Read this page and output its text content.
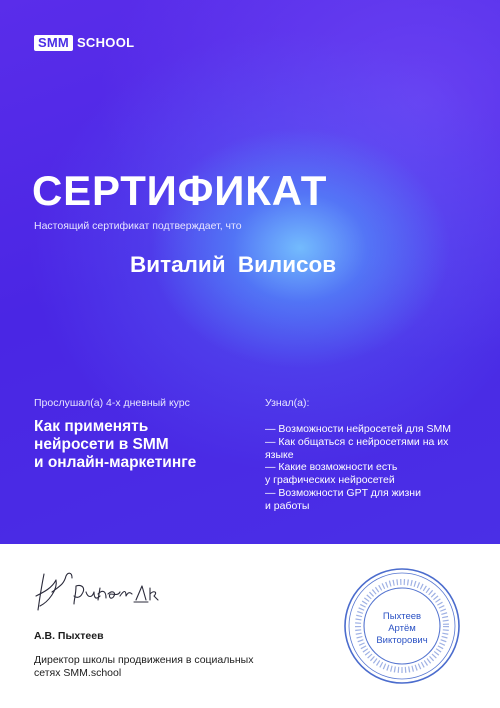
SMM SCHOOL
СЕРТИФИКАТ
Настоящий сертификат подтверждает, что
Виталий Вилисов
Прослушал(а) 4-х дневный курс
Как применять
нейросети в SMM
и онлайн-маркетинге
Узнал(а):
— Возможности нейросетей для SMM
— Как общаться с нейросетями на их
языке
— Какие возможности есть
у графических нейросетей
— Возможности GPT для жизни
и работы
А.В. Пыхтеев
Директор школы продвижения в социальных сетях SMM.school
Пыхтеев
Артём
Викторович
